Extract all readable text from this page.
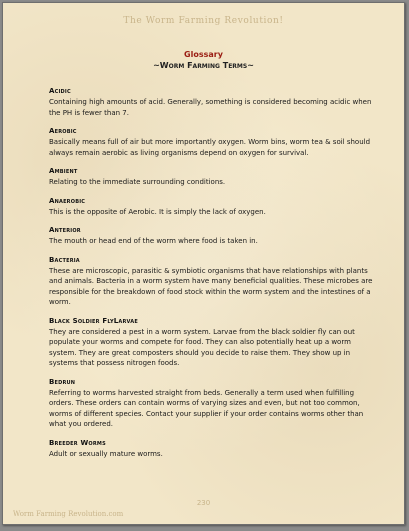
The Worm Farming Revolution!
Glossary
~Worm Farming Terms~
Acidic
Containing high amounts of acid. Generally, something is considered becoming acidic when the PH is fewer than 7.
Aerobic
Basically means full of air but more importantly oxygen. Worm bins, worm tea & soil should always remain aerobic as living organisms depend on oxygen for survival.
Ambient
Relating to the immediate surrounding conditions.
Anaerobic
This is the opposite of Aerobic. It is simply the lack of oxygen.
Anterior
The mouth or head end of the worm where food is taken in.
Bacteria
These are microscopic, parasitic & symbiotic organisms that have relationships with plants and animals. Bacteria in a worm system have many beneficial qualities. These microbes are responsible for the breakdown of food stock within the worm system and the intestines of a worm.
Black Soldier FlyLarvae
They are considered a pest in a worm system. Larvae from the black soldier fly can out populate your worms and compete for food. They can also potentially heat up a worm system. They are great composters should you decide to raise them. They show up in systems that possess nitrogen foods.
Bedrun
Referring to worms harvested straight from beds. Generally a term used when fulfilling orders. These orders can contain worms of varying sizes and even, but not too common, worms of different species. Contact your supplier if your order contains worms other than what you ordered.
Breeder Worms
Adult or sexually mature worms.
230
Worm Farming Revolution.com
